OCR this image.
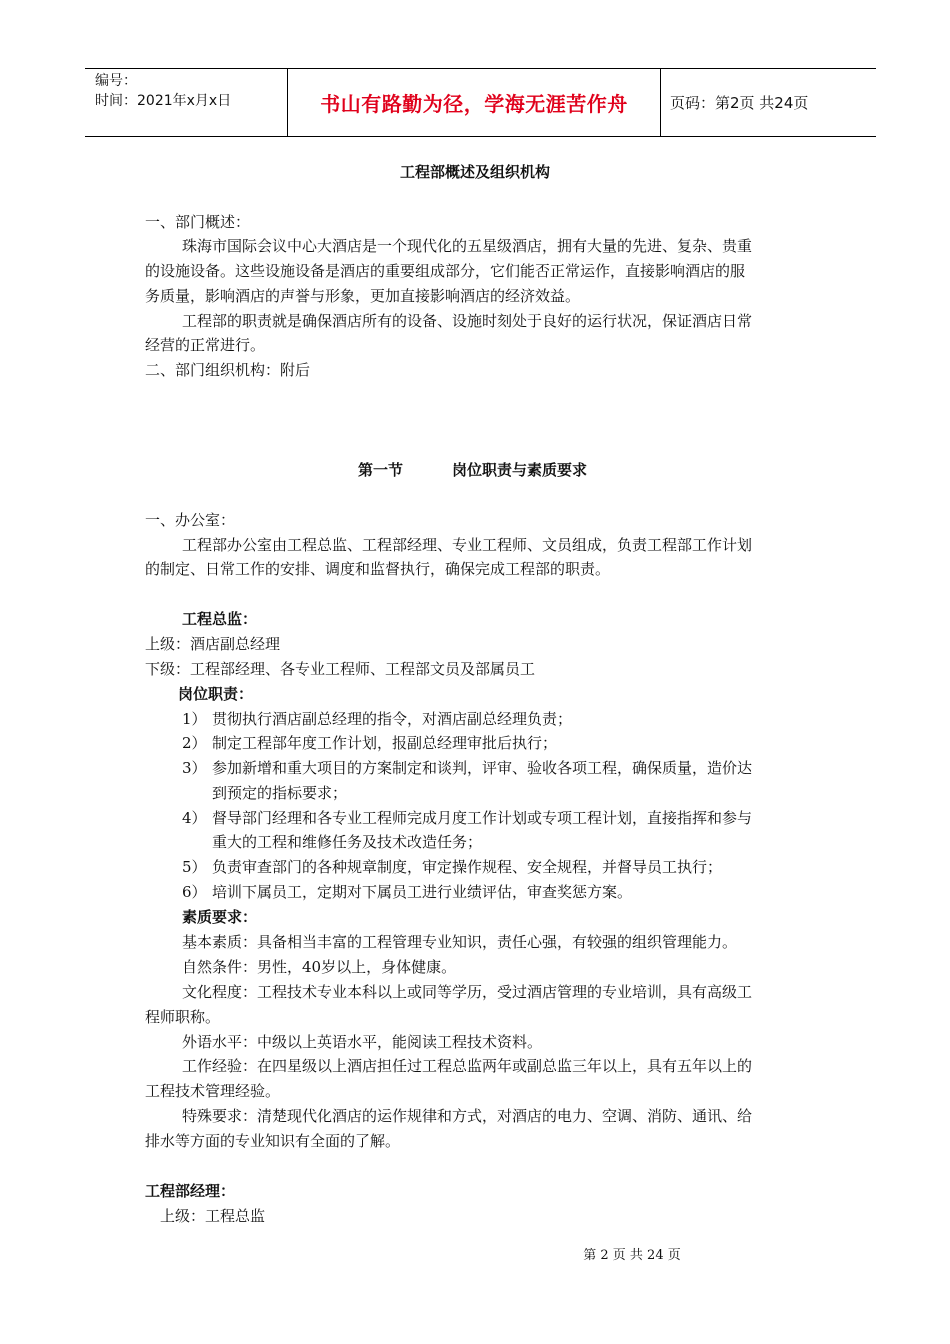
编号：
时间：2021年x月x日	书山有路勤为径，学海无涯苦作舟	页码：第2页 共24页
工程部概述及组织机构
一、部门概述：
珠海市国际会议中心大酒店是一个现代化的五星级酒店，拥有大量的先进、复杂、贵重
的设施设备。这些设施设备是酒店的重要组成部分，它们能否正常运作，直接影响酒店的服
务质量，影响酒店的声誉与形象，更加直接影响酒店的经济效益。
工程部的职责就是确保酒店所有的设备、设施时刻处于良好的运行状况，保证酒店日常
经营的正常进行。
二、部门组织机构：附后
第一节	岗位职责与素质要求
一、办公室：
工程部办公室由工程总监、工程部经理、专业工程师、文员组成，负责工程部工作计划
的制定、日常工作的安排、调度和监督执行，确保完成工程部的职责。
工程总监：
上级：酒店副总经理
下级：工程部经理、各专业工程师、工程部文员及部属员工
岗位职责：
1） 贯彻执行酒店副总经理的指令，对酒店副总经理负责；
2） 制定工程部年度工作计划，报副总经理审批后执行；
3） 参加新增和重大项目的方案制定和谈判，评审、验收各项工程，确保质量，造价达
到预定的指标要求；
4） 督导部门经理和各专业工程师完成月度工作计划或专项工程计划，直接指挥和参与
重大的工程和维修任务及技术改造任务；
5） 负责审查部门的各种规章制度，审定操作规程、安全规程，并督导员工执行；
6） 培训下属员工，定期对下属员工进行业绩评估，审查奖惩方案。
素质要求：
基本素质：具备相当丰富的工程管理专业知识，责任心强，有较强的组织管理能力。
自然条件：男性，40岁以上，身体健康。
文化程度：工程技术专业本科以上或同等学历，受过酒店管理的专业培训，具有高级工
程师职称。
外语水平：中级以上英语水平，能阅读工程技术资料。
工作经验：在四星级以上酒店担任过工程总监两年或副总监三年以上，具有五年以上的
工程技术管理经验。
特殊要求：清楚现代化酒店的运作规律和方式，对酒店的电力、空调、消防、通讯、给
排水等方面的专业知识有全面的了解。
工程部经理：
上级：工程总监
第 2 页 共 24 页
